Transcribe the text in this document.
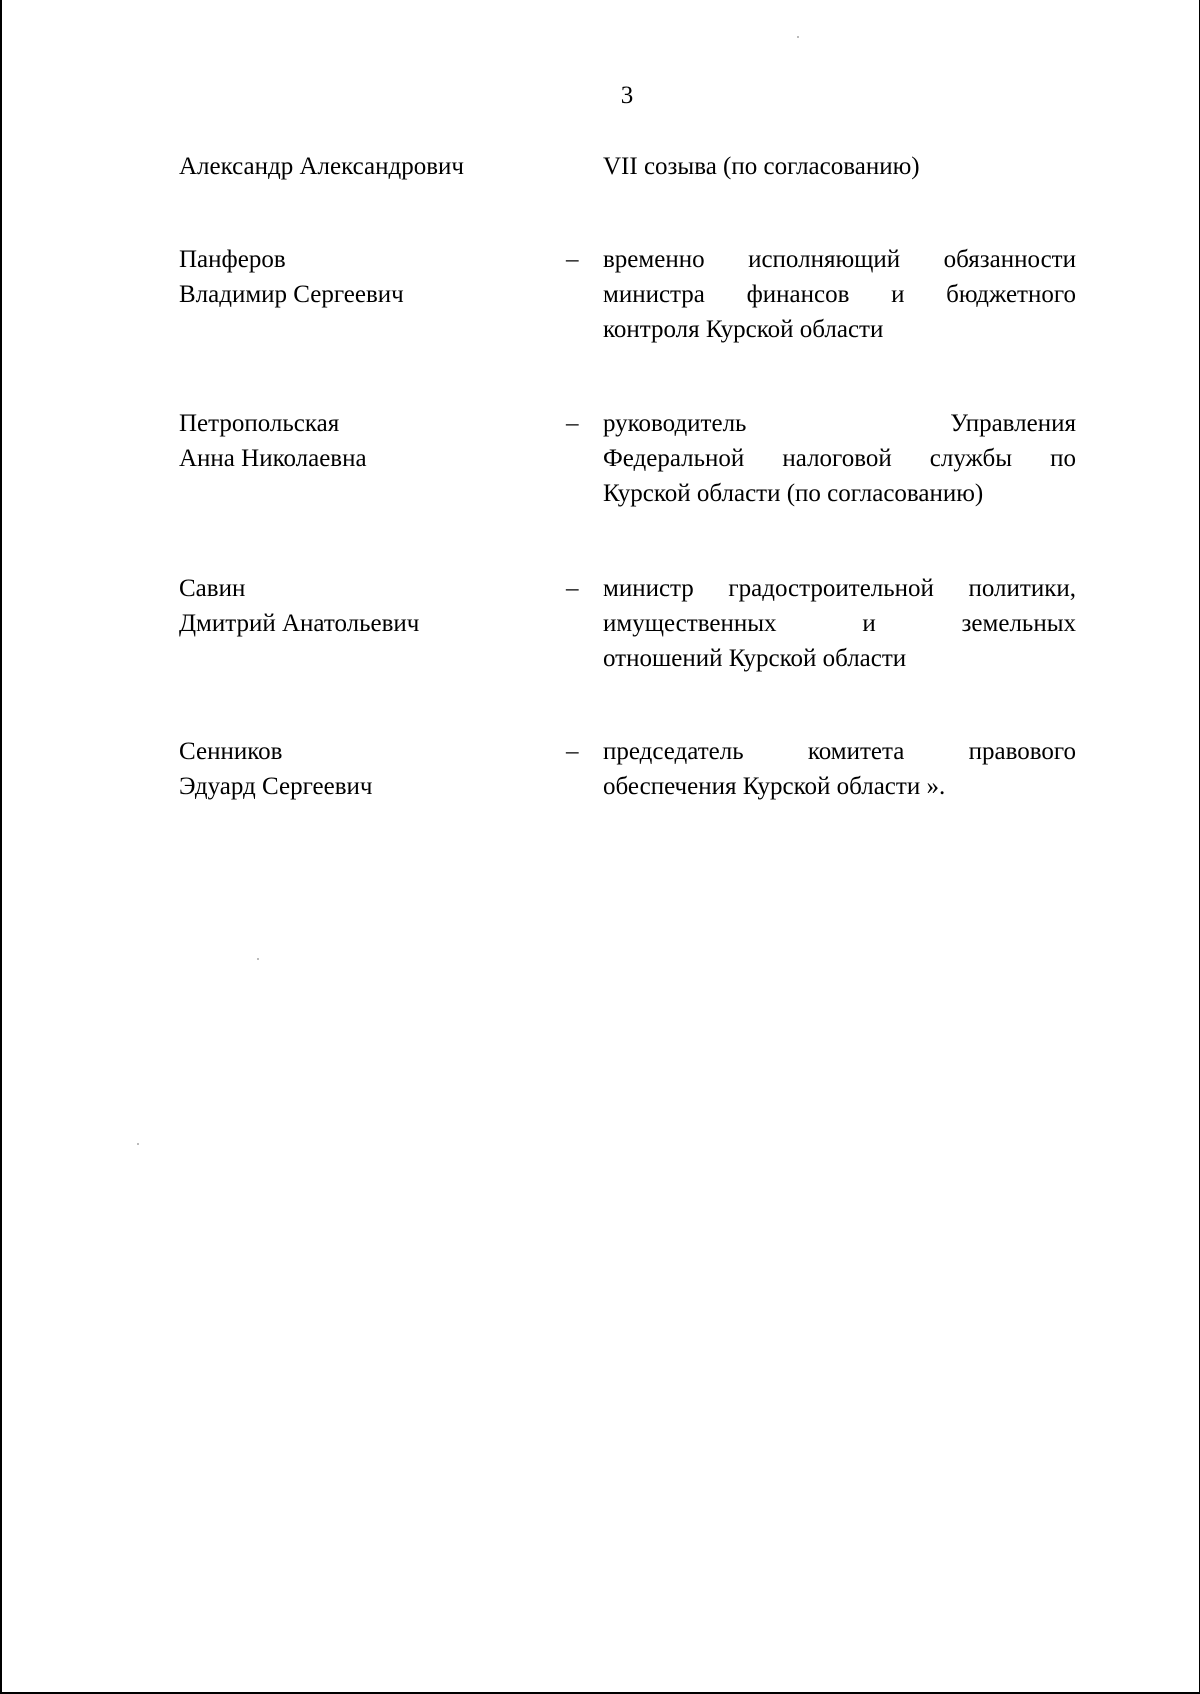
3
Александр Александрович	VII созыва (по согласованию)
Панферов
Владимир Сергеевич
– временно исполняющий обязанности
министра финансов и бюджетного
контроля Курской области
Петропольская
Анна Николаевна
– руководитель Управления
Федеральной налоговой службы по
Курской области (по согласованию)
Савин
Дмитрий Анатольевич
– министр градостроительной политики,
имущественных и земельных
отношений Курской области
Сенников
Эдуард Сергеевич
– председатель комитета правового
обеспечения Курской области ».
